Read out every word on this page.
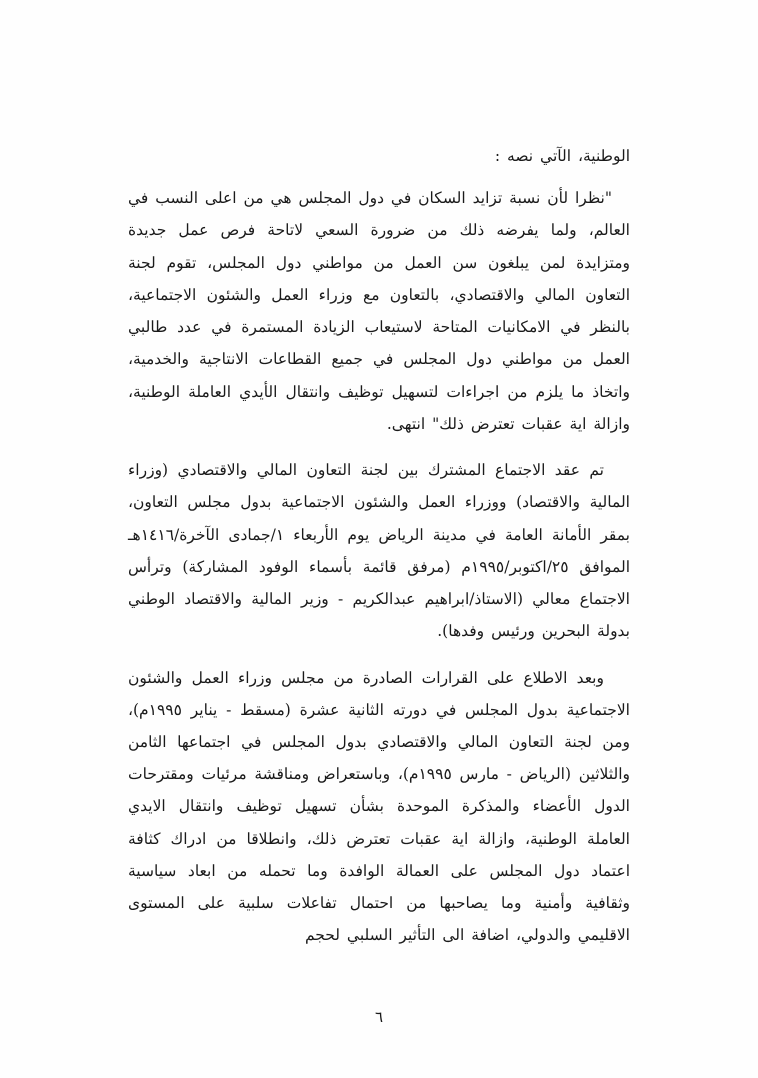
الوطنية، الآتي نصه :

"نظرا لأن نسبة تزايد السكان في دول المجلس هي من اعلى النسب في العالم، ولما يفرضه ذلك من ضرورة السعي لاتاحة فرص عمل جديدة ومتزايدة لمن يبلغون سن العمل من مواطني دول المجلس، تقوم لجنة التعاون المالي والاقتصادي، بالتعاون مع وزراء العمل والشئون الاجتماعية، بالنظر في الامكانيات المتاحة لاستيعاب الزيادة المستمرة في عدد طالبي العمل من مواطني دول المجلس في جميع القطاعات الانتاجية والخدمية، واتخاذ ما يلزم من اجراءات لتسهيل توظيف وانتقال الأيدي العاملة الوطنية، وازالة اية عقبات تعترض ذلك" انتهى.

تم عقد الاجتماع المشترك بين لجنة التعاون المالي والاقتصادي (وزراء المالية والاقتصاد) ووزراء العمل والشئون الاجتماعية بدول مجلس التعاون، بمقر الأمانة العامة في مدينة الرياض يوم الأربعاء ١/جمادى الآخرة/١٤١٦هـ الموافق ٢٥/اكتوبر/١٩٩٥م (مرفق قائمة بأسماء الوفود المشاركة) وترأس الاجتماع معالي (الاستاذ/ابراهيم عبدالكريم - وزير المالية والاقتصاد الوطني بدولة البحرين ورئيس وفدها).

وبعد الاطلاع على القرارات الصادرة من مجلس وزراء العمل والشئون الاجتماعية بدول المجلس في دورته الثانية عشرة (مسقط - يناير ١٩٩٥م)، ومن لجنة التعاون المالي والاقتصادي بدول المجلس في اجتماعها الثامن والثلاثين (الرياض - مارس ١٩٩٥م)، وباستعراض ومناقشة مرئيات ومقترحات الدول الأعضاء والمذكرة الموحدة بشأن تسهيل توظيف وانتقال الايدي العاملة الوطنية، وازالة اية عقبات تعترض ذلك، وانطلاقا من ادراك كثافة اعتماد دول المجلس على العمالة الوافدة وما تحمله من ابعاد سياسية وثقافية وأمنية وما يصاحبها من احتمال تفاعلات سلبية على المستوى الاقليمي والدولي، اضافة الى التأثير السلبي لحجم

٦
